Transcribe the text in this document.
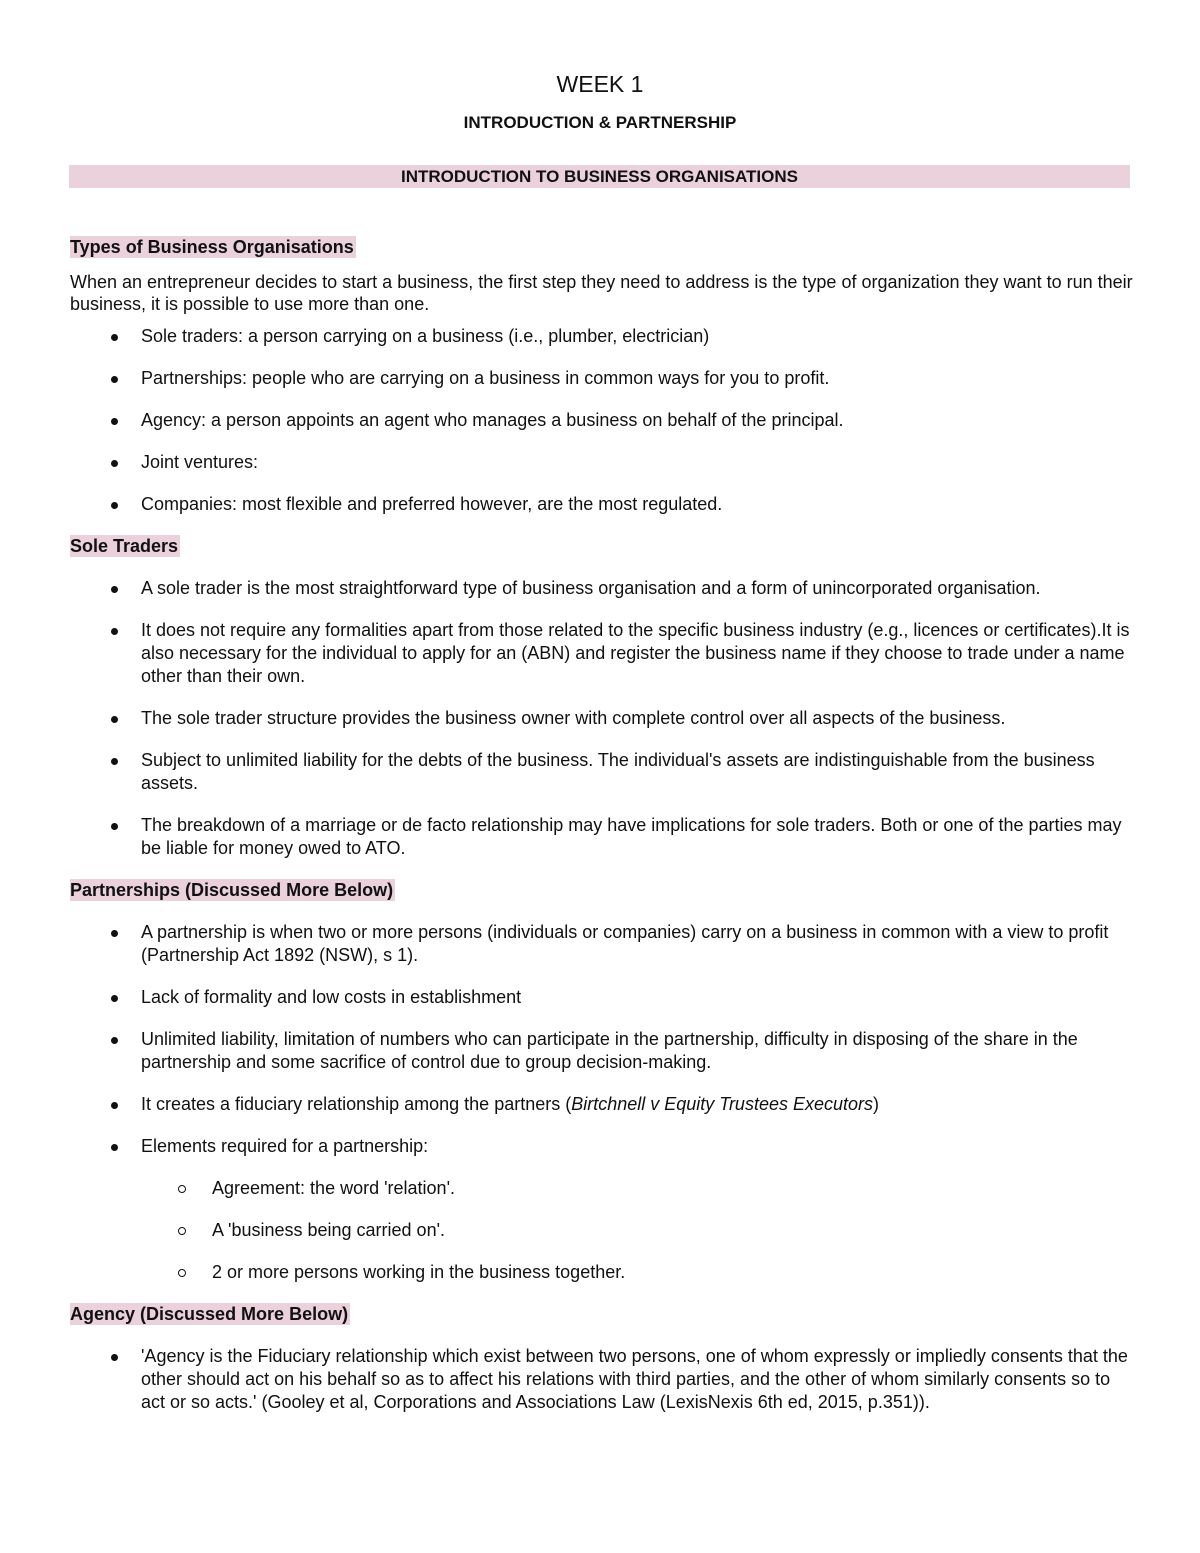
WEEK 1
INTRODUCTION & PARTNERSHIP
INTRODUCTION TO BUSINESS ORGANISATIONS
Types of Business Organisations
When an entrepreneur decides to start a business, the first step they need to address is the type of organization they want to run their business, it is possible to use more than one.
Sole traders: a person carrying on a business (i.e., plumber, electrician)
Partnerships: people who are carrying on a business in common ways for you to profit.
Agency: a person appoints an agent who manages a business on behalf of the principal.
Joint ventures:
Companies: most flexible and preferred however, are the most regulated.
Sole Traders
A sole trader is the most straightforward type of business organisation and a form of unincorporated organisation.
It does not require any formalities apart from those related to the specific business industry (e.g., licences or certificates).It is also necessary for the individual to apply for an (ABN) and register the business name if they choose to trade under a name other than their own.
The sole trader structure provides the business owner with complete control over all aspects of the business.
Subject to unlimited liability for the debts of the business. The individual's assets are indistinguishable from the business assets.
The breakdown of a marriage or de facto relationship may have implications for sole traders. Both or one of the parties may be liable for money owed to ATO.
Partnerships (Discussed More Below)
A partnership is when two or more persons (individuals or companies) carry on a business in common with a view to profit (Partnership Act 1892 (NSW), s 1).
Lack of formality and low costs in establishment
Unlimited liability, limitation of numbers who can participate in the partnership, difficulty in disposing of the share in the partnership and some sacrifice of control due to group decision-making.
It creates a fiduciary relationship among the partners (Birtchnell v Equity Trustees Executors)
Elements required for a partnership:
Agreement: the word 'relation'.
A 'business being carried on'.
2 or more persons working in the business together.
Agency (Discussed More Below)
'Agency is the Fiduciary relationship which exist between two persons, one of whom expressly or impliedly consents that the other should act on his behalf so as to affect his relations with third parties, and the other of whom similarly consents so to act or so acts.' (Gooley et al, Corporations and Associations Law (LexisNexis 6th ed, 2015, p.351)).
